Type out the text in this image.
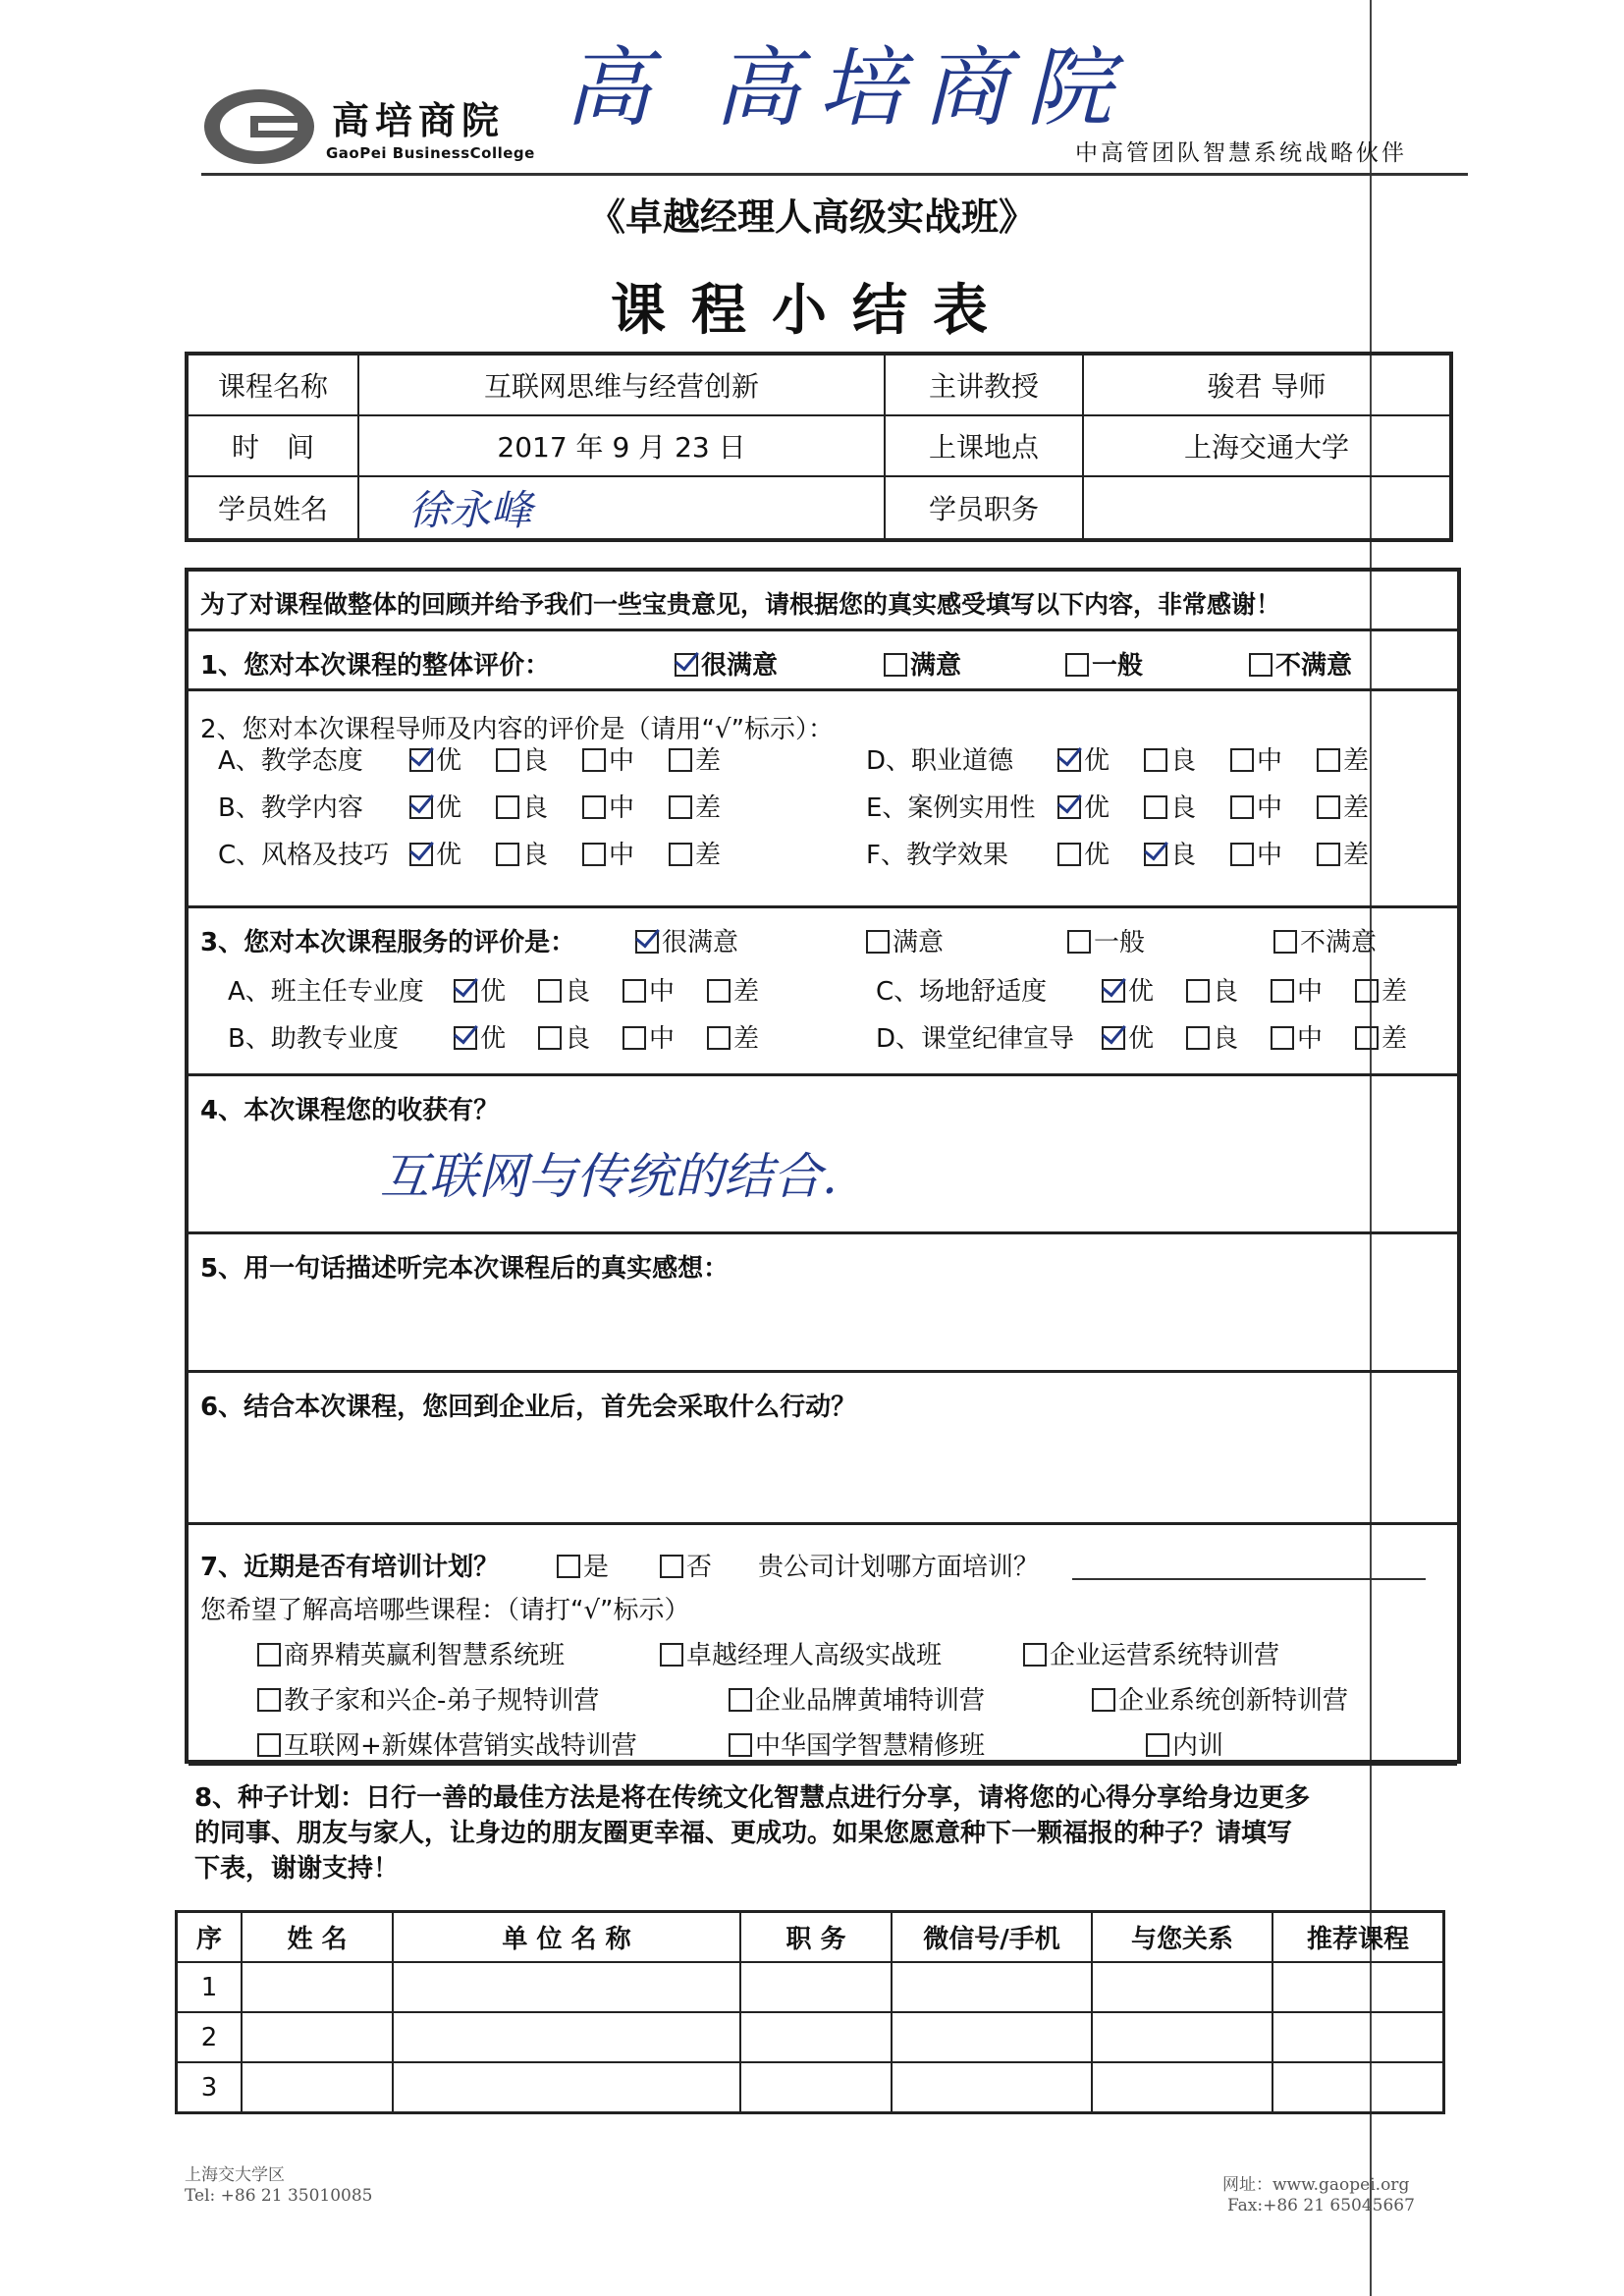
高培商院
GaoPei BusinessCollege	中高管团队智慧系统战略伙伴
高 高培商院
《卓越经理人高级实战班》
课程小结表
课程名称	互联网思维与经营创新	主讲教授	骏君 导师
时　间	2017 年 9 月 23 日	上课地点	上海交通大学
学员姓名	徐永峰	学员职务	
为了对课程做整体的回顾并给予我们一些宝贵意见，请根据您的真实感受填写以下内容，非常感谢！
1、您对本次课程的整体评价：	很满意	满意	一般	不满意
2、您对本次课程导师及内容的评价是（请用“√”标示）：
A、教学态度	优	良	中	差
B、教学内容	优	良	中	差
C、风格及技巧	优	良	中	差
D、职业道德	优	良	中	差
E、案例实用性	优	良	中	差
F、教学效果	优	良	中	差
3、您对本次课程服务的评价是：	很满意	满意	一般	不满意
A、班主任专业度	优	良	中	差
B、助教专业度	优	良	中	差
C、场地舒适度	优	良	中	差
D、课堂纪律宣导	优	良	中	差
4、本次课程您的收获有？
互联网与传统的结合.
5、用一句话描述听完本次课程后的真实感想：
6、结合本次课程，您回到企业后，首先会采取什么行动？
7、近期是否有培训计划？	是	否 贵公司计划哪方面培训？
您希望了解高培哪些课程：（请打“√”标示）
商界精英赢利智慧系统班	卓越经理人高级实战班	企业运营系统特训营
教子家和兴企-弟子规特训营	企业品牌黄埔特训营	企业系统创新特训营
互联网+新媒体营销实战特训营	中华国学智慧精修班	内训
8、种子计划：日行一善的最佳方法是将在传统文化智慧点进行分享，请将您的心得分享给身边更多
的同事、朋友与家人，让身边的朋友圈更幸福、更成功。如果您愿意种下一颗福报的种子？请填写
下表，谢谢支持！
序	姓 名	单 位 名 称	职 务	微信号/手机	与您关系	推荐课程
1						
2						
3						
上海交大学区
Tel: +86 21 35010085
网址：www.gaopei.org
Fax:+86 21 65045667
